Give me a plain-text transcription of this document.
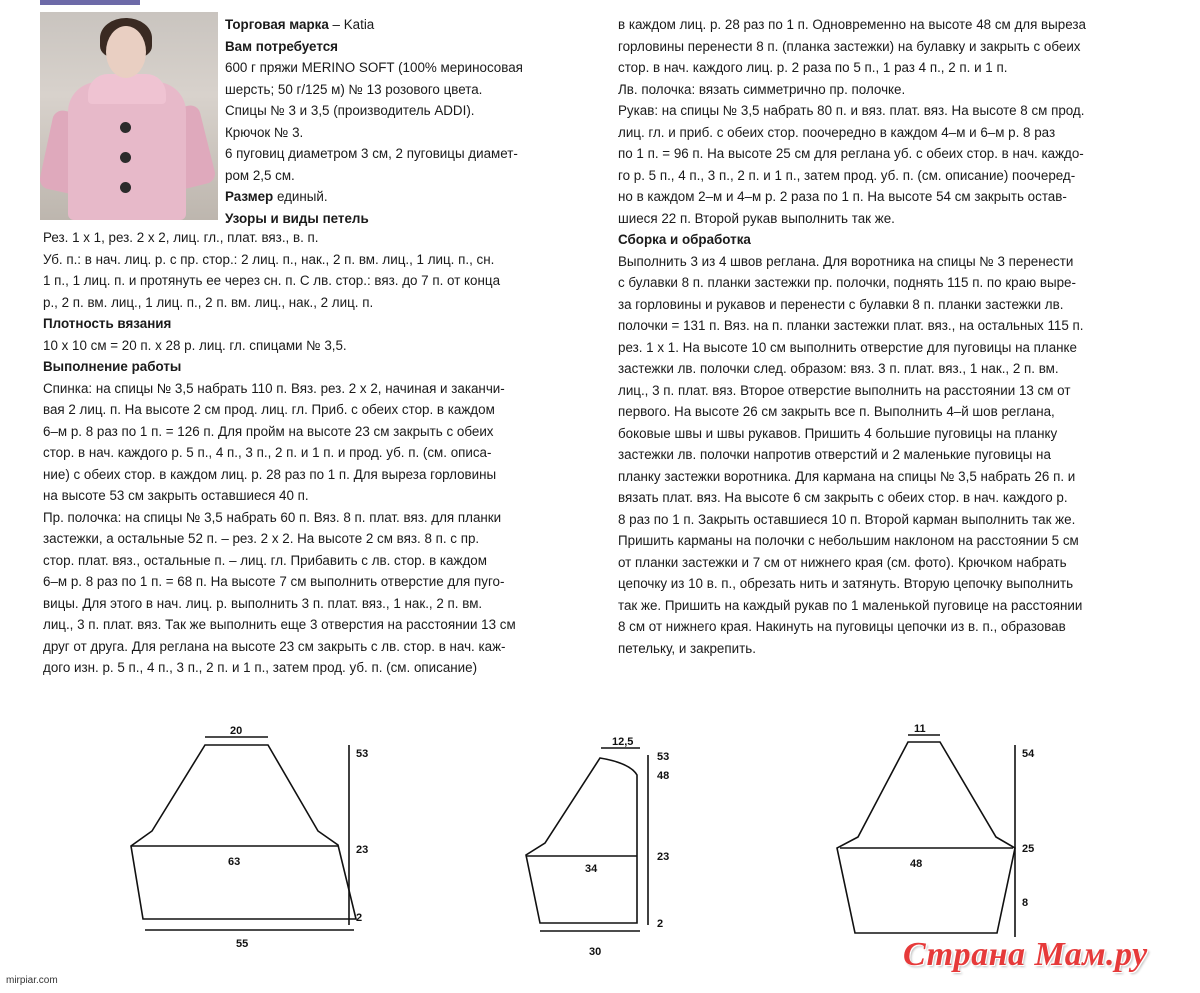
Торговая марка – Katia

Вам потребуется

600 г пряжи MERINO SOFT (100% мериносовая

шерсть; 50 г/125 м) № 13 розового цвета.

Спицы № 3 и 3,5 (производитель ADDI).

Крючок № 3.

6 пуговиц диаметром 3 см, 2 пуговицы диамет-

ром 2,5 см.

Размер единый.

Узоры и виды петель

Рез. 1 х 1, рез. 2 х 2, лиц. гл., плат. вяз., в. п.

Уб. п.: в нач. лиц. р. с пр. стор.: 2 лиц. п., нак., 2 п. вм. лиц., 1 лиц. п., сн.

1 п., 1 лиц. п. и протянуть ее через сн. п. С лв. стор.: вяз. до 7 п. от конца

р., 2 п. вм. лиц., 1 лиц. п., 2 п. вм. лиц., нак., 2 лиц. п.

Плотность вязания

10 х 10 см = 20 п. х 28 р. лиц. гл. спицами № 3,5.

Выполнение работы

Спинка: на спицы № 3,5 набрать 110 п. Вяз. рез. 2 х 2, начиная и заканчи-

вая 2 лиц. п. На высоте 2 см прод. лиц. гл. Приб. с обеих стор. в каждом

6–м р. 8 раз по 1 п. = 126 п. Для пройм на высоте 23 см закрыть с обеих

стор. в нач. каждого р. 5 п., 4 п., 3 п., 2 п. и 1 п. и прод. уб. п. (см. описа-

ние) с обеих стор. в каждом лиц. р. 28 раз по 1 п. Для выреза горловины

на высоте 53 см закрыть оставшиеся 40 п.

Пр. полочка: на спицы № 3,5 набрать 60 п. Вяз. 8 п. плат. вяз. для планки

застежки, а остальные 52 п. – рез. 2 х 2. На высоте 2 см вяз. 8 п. с пр.

стор. плат. вяз., остальные п. – лиц. гл. Прибавить с лв. стор. в каждом

6–м р. 8 раз по 1 п. = 68 п. На высоте 7 см выполнить отверстие для пуго-

вицы. Для этого в нач. лиц. р. выполнить 3 п. плат. вяз., 1 нак., 2 п. вм.

лиц., 3 п. плат. вяз. Так же выполнить еще 3 отверстия на расстоянии 13 см

друг от друга. Для реглана на высоте 23 см закрыть с лв. стор. в нач. каж-

дого изн. р. 5 п., 4 п., 3 п., 2 п. и 1 п., затем прод. уб. п. (см. описание)

в каждом лиц. р. 28 раз по 1 п. Одновременно на высоте 48 см для выреза

горловины перенести 8 п. (планка застежки) на булавку и закрыть с обеих

стор. в нач. каждого лиц. р. 2 раза по 5 п., 1 раз 4 п., 2 п. и 1 п.

Лв. полочка: вязать симметрично пр. полочке.

Рукав: на спицы № 3,5 набрать 80 п. и вяз. плат. вяз. На высоте 8 см прод.

лиц. гл. и приб. с обеих стор. поочередно в каждом 4–м и 6–м р. 8 раз

по 1 п. = 96 п. На высоте 25 см для реглана уб. с обеих стор. в нач. каждо-

го р. 5 п., 4 п., 3 п., 2 п. и 1 п., затем прод. уб. п. (см. описание) поочеред-

но в каждом 2–м и 4–м р. 2 раза по 1 п. На высоте 54 см закрыть остав-

шиеся 22 п. Второй рукав выполнить так же.

Сборка и обработка

Выполнить 3 из 4 швов реглана. Для воротника на спицы № 3 перенести

с булавки 8 п. планки застежки пр. полочки, поднять 115 п. по краю выре-

за горловины и рукавов и перенести с булавки 8 п. планки застежки лв.

полочки = 131 п. Вяз. на п. планки застежки плат. вяз., на остальных 115 п.

рез. 1 х 1. На высоте 10 см выполнить отверстие для пуговицы на планке

застежки лв. полочки след. образом: вяз. 3 п. плат. вяз., 1 нак., 2 п. вм.

лиц., 3 п. плат. вяз. Второе отверстие выполнить на расстоянии 13 см от

первого. На высоте 26 см закрыть все п. Выполнить 4–й шов реглана,

боковые швы и швы рукавов. Пришить 4 большие пуговицы на планку

застежки лв. полочки напротив отверстий и 2 маленькие пуговицы на

планку застежки воротника. Для кармана на спицы № 3,5 набрать 26 п. и

вязать плат. вяз. На высоте 6 см закрыть с обеих стор. в нач. каждого р.

8 раз по 1 п. Закрыть оставшиеся 10 п. Второй карман выполнить так же.

Пришить карманы на полочки с небольшим наклоном на расстоянии 5 см

от планки застежки и 7 см от нижнего края (см. фото). Крючком набрать

цепочку из 10 в. п., обрезать нить и затянуть. Вторую цепочку выполнить

так же. Пришить на каждый рукав по 1 маленькой пуговице на расстоянии

8 см от нижнего края. Накинуть на пуговицы цепочки из в. п., образовав

петельку, и закрепить.

20
63
55
53
23
2
12,5
34
30
53
48
23
2
11
48
54
25
8
mirpiar.com
Страна Мам.ру
